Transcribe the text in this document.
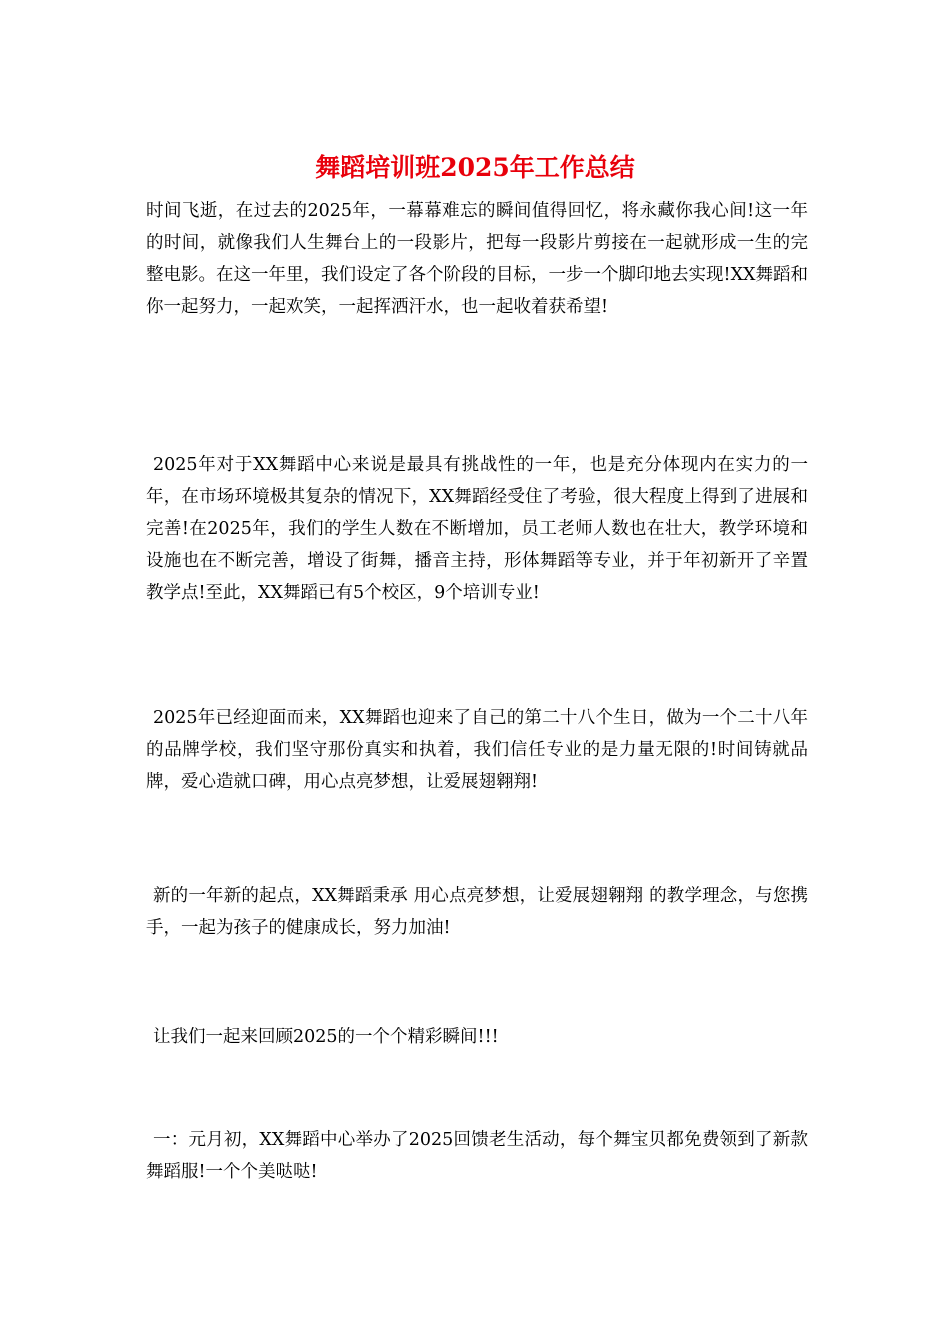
舞蹈培训班2025年工作总结

时间飞逝，在过去的2025年，一幕幕难忘的瞬间值得回忆，将永藏你我心间!这一年的时间，就像我们人生舞台上的一段影片，把每一段影片剪接在一起就形成一生的完整电影。在这一年里，我们设定了各个阶段的目标，一步一个脚印地去实现!XX舞蹈和你一起努力，一起欢笑，一起挥洒汗水，也一起收着获希望!

2025年对于XX舞蹈中心来说是最具有挑战性的一年，也是充分体现内在实力的一年，在市场环境极其复杂的情况下，XX舞蹈经受住了考验，很大程度上得到了进展和完善!在2025年，我们的学生人数在不断增加，员工老师人数也在壮大，教学环境和设施也在不断完善，增设了街舞，播音主持，形体舞蹈等专业，并于年初新开了辛置教学点!至此，XX舞蹈已有5个校区，9个培训专业!

2025年已经迎面而来，XX舞蹈也迎来了自己的第二十八个生日，做为一个二十八年的品牌学校，我们坚守那份真实和执着，我们信任专业的是力量无限的!时间铸就品牌，爱心造就口碑，用心点亮梦想，让爱展翅翱翔!

新的一年新的起点，XX舞蹈秉承 用心点亮梦想，让爱展翅翱翔 的教学理念，与您携手，一起为孩子的健康成长，努力加油!

让我们一起来回顾2025的一个个精彩瞬间!!!

一：元月初，XX舞蹈中心举办了2025回馈老生活动，每个舞宝贝都免费领到了新款舞蹈服!一个个美哒哒!
